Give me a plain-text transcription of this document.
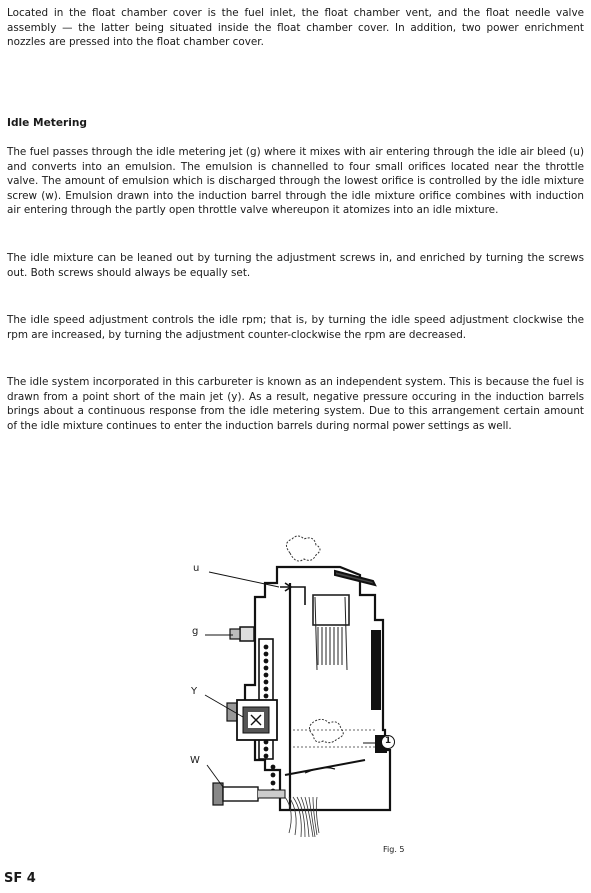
Located in the float chamber cover is the fuel inlet, the float chamber vent, and the float needle valve assembly — the latter being situated inside the float chamber cover. In addition, two power enrichment nozzles are pressed into the float chamber cover.

Idle Metering

The fuel passes through the idle metering jet (g) where it mixes with air entering through the idle air bleed (u) and converts into an emulsion. The emulsion is channelled to four small orifices located near the throttle valve. The amount of emulsion which is discharged through the lowest orifice is controlled by the idle mixture screw (w). Emulsion drawn into the induction barrel through the idle mixture orifice combines with induction air entering through the partly open throttle valve whereupon it atomizes into an idle mixture.

The idle mixture can be leaned out by turning the adjustment screws in, and enriched by turning the screws out. Both screws should always be equally set.

The idle speed adjustment controls the idle rpm; that is, by turning the idle speed adjustment clockwise the rpm are increased, by turning the adjustment counter-clockwise the rpm are decreased.

The idle system incorporated in this carbureter is known as an independent system. This is because the fuel is drawn from a point short of the main jet (y). As a result, negative pressure occuring in the induction barrels brings about a continuous response from the idle metering system. Due to this arrangement certain amount of the idle mixture continues to enter the induction barrels during normal power settings as well.

u
g
Y
W
1

Fig. 5

SF 4
